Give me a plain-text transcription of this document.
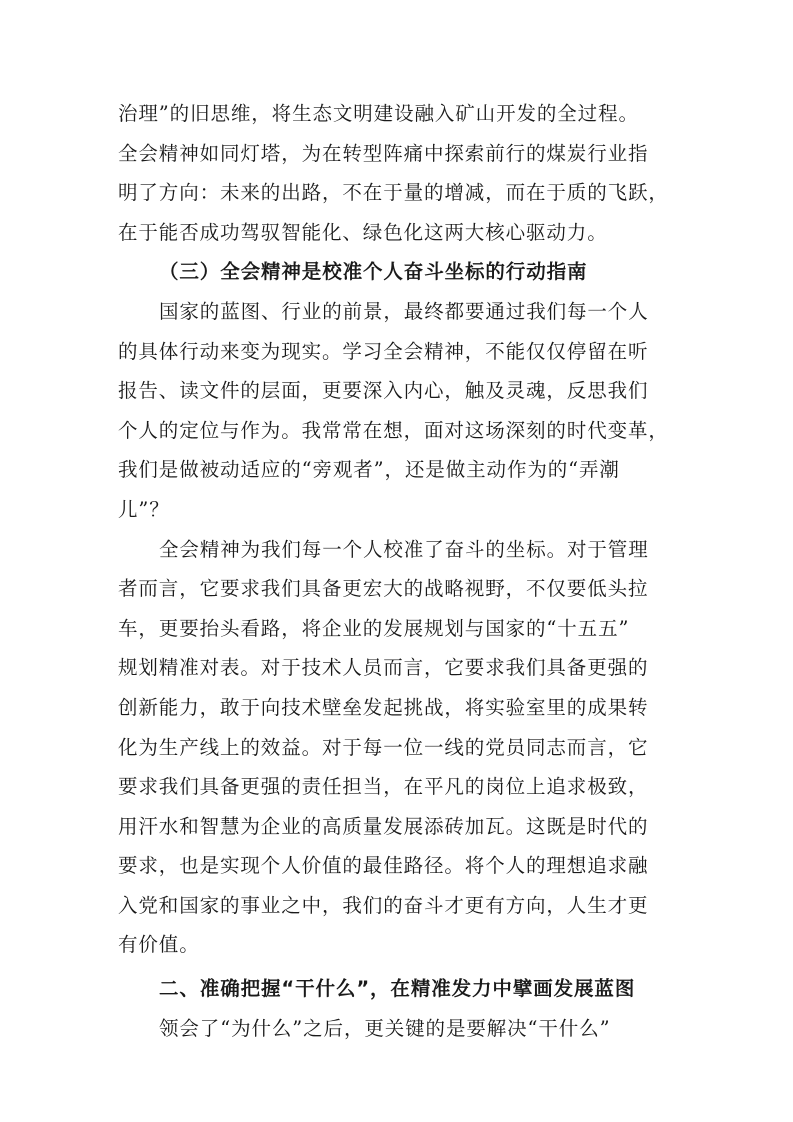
治理”的旧思维，将生态文明建设融入矿山开发的全过程。
全会精神如同灯塔，为在转型阵痛中探索前行的煤炭行业指
明了方向：未来的出路，不在于量的增减，而在于质的飞跃，
在于能否成功驾驭智能化、绿色化这两大核心驱动力。
（三）全会精神是校准个人奋斗坐标的行动指南
国家的蓝图、行业的前景，最终都要通过我们每一个人
的具体行动来变为现实。学习全会精神，不能仅仅停留在听
报告、读文件的层面，更要深入内心，触及灵魂，反思我们
个人的定位与作为。我常常在想，面对这场深刻的时代变革，
我们是做被动适应的“旁观者”，还是做主动作为的“弄潮
儿”？
全会精神为我们每一个人校准了奋斗的坐标。对于管理
者而言，它要求我们具备更宏大的战略视野，不仅要低头拉
车，更要抬头看路，将企业的发展规划与国家的“十五五”
规划精准对表。对于技术人员而言，它要求我们具备更强的
创新能力，敢于向技术壁垒发起挑战，将实验室里的成果转
化为生产线上的效益。对于每一位一线的党员同志而言，它
要求我们具备更强的责任担当，在平凡的岗位上追求极致，
用汗水和智慧为企业的高质量发展添砖加瓦。这既是时代的
要求，也是实现个人价值的最佳路径。将个人的理想追求融
入党和国家的事业之中，我们的奋斗才更有方向，人生才更
有价值。
二、准确把握“干什么”，在精准发力中擘画发展蓝图
领会了“为什么”之后，更关键的是要解决“干什么”
